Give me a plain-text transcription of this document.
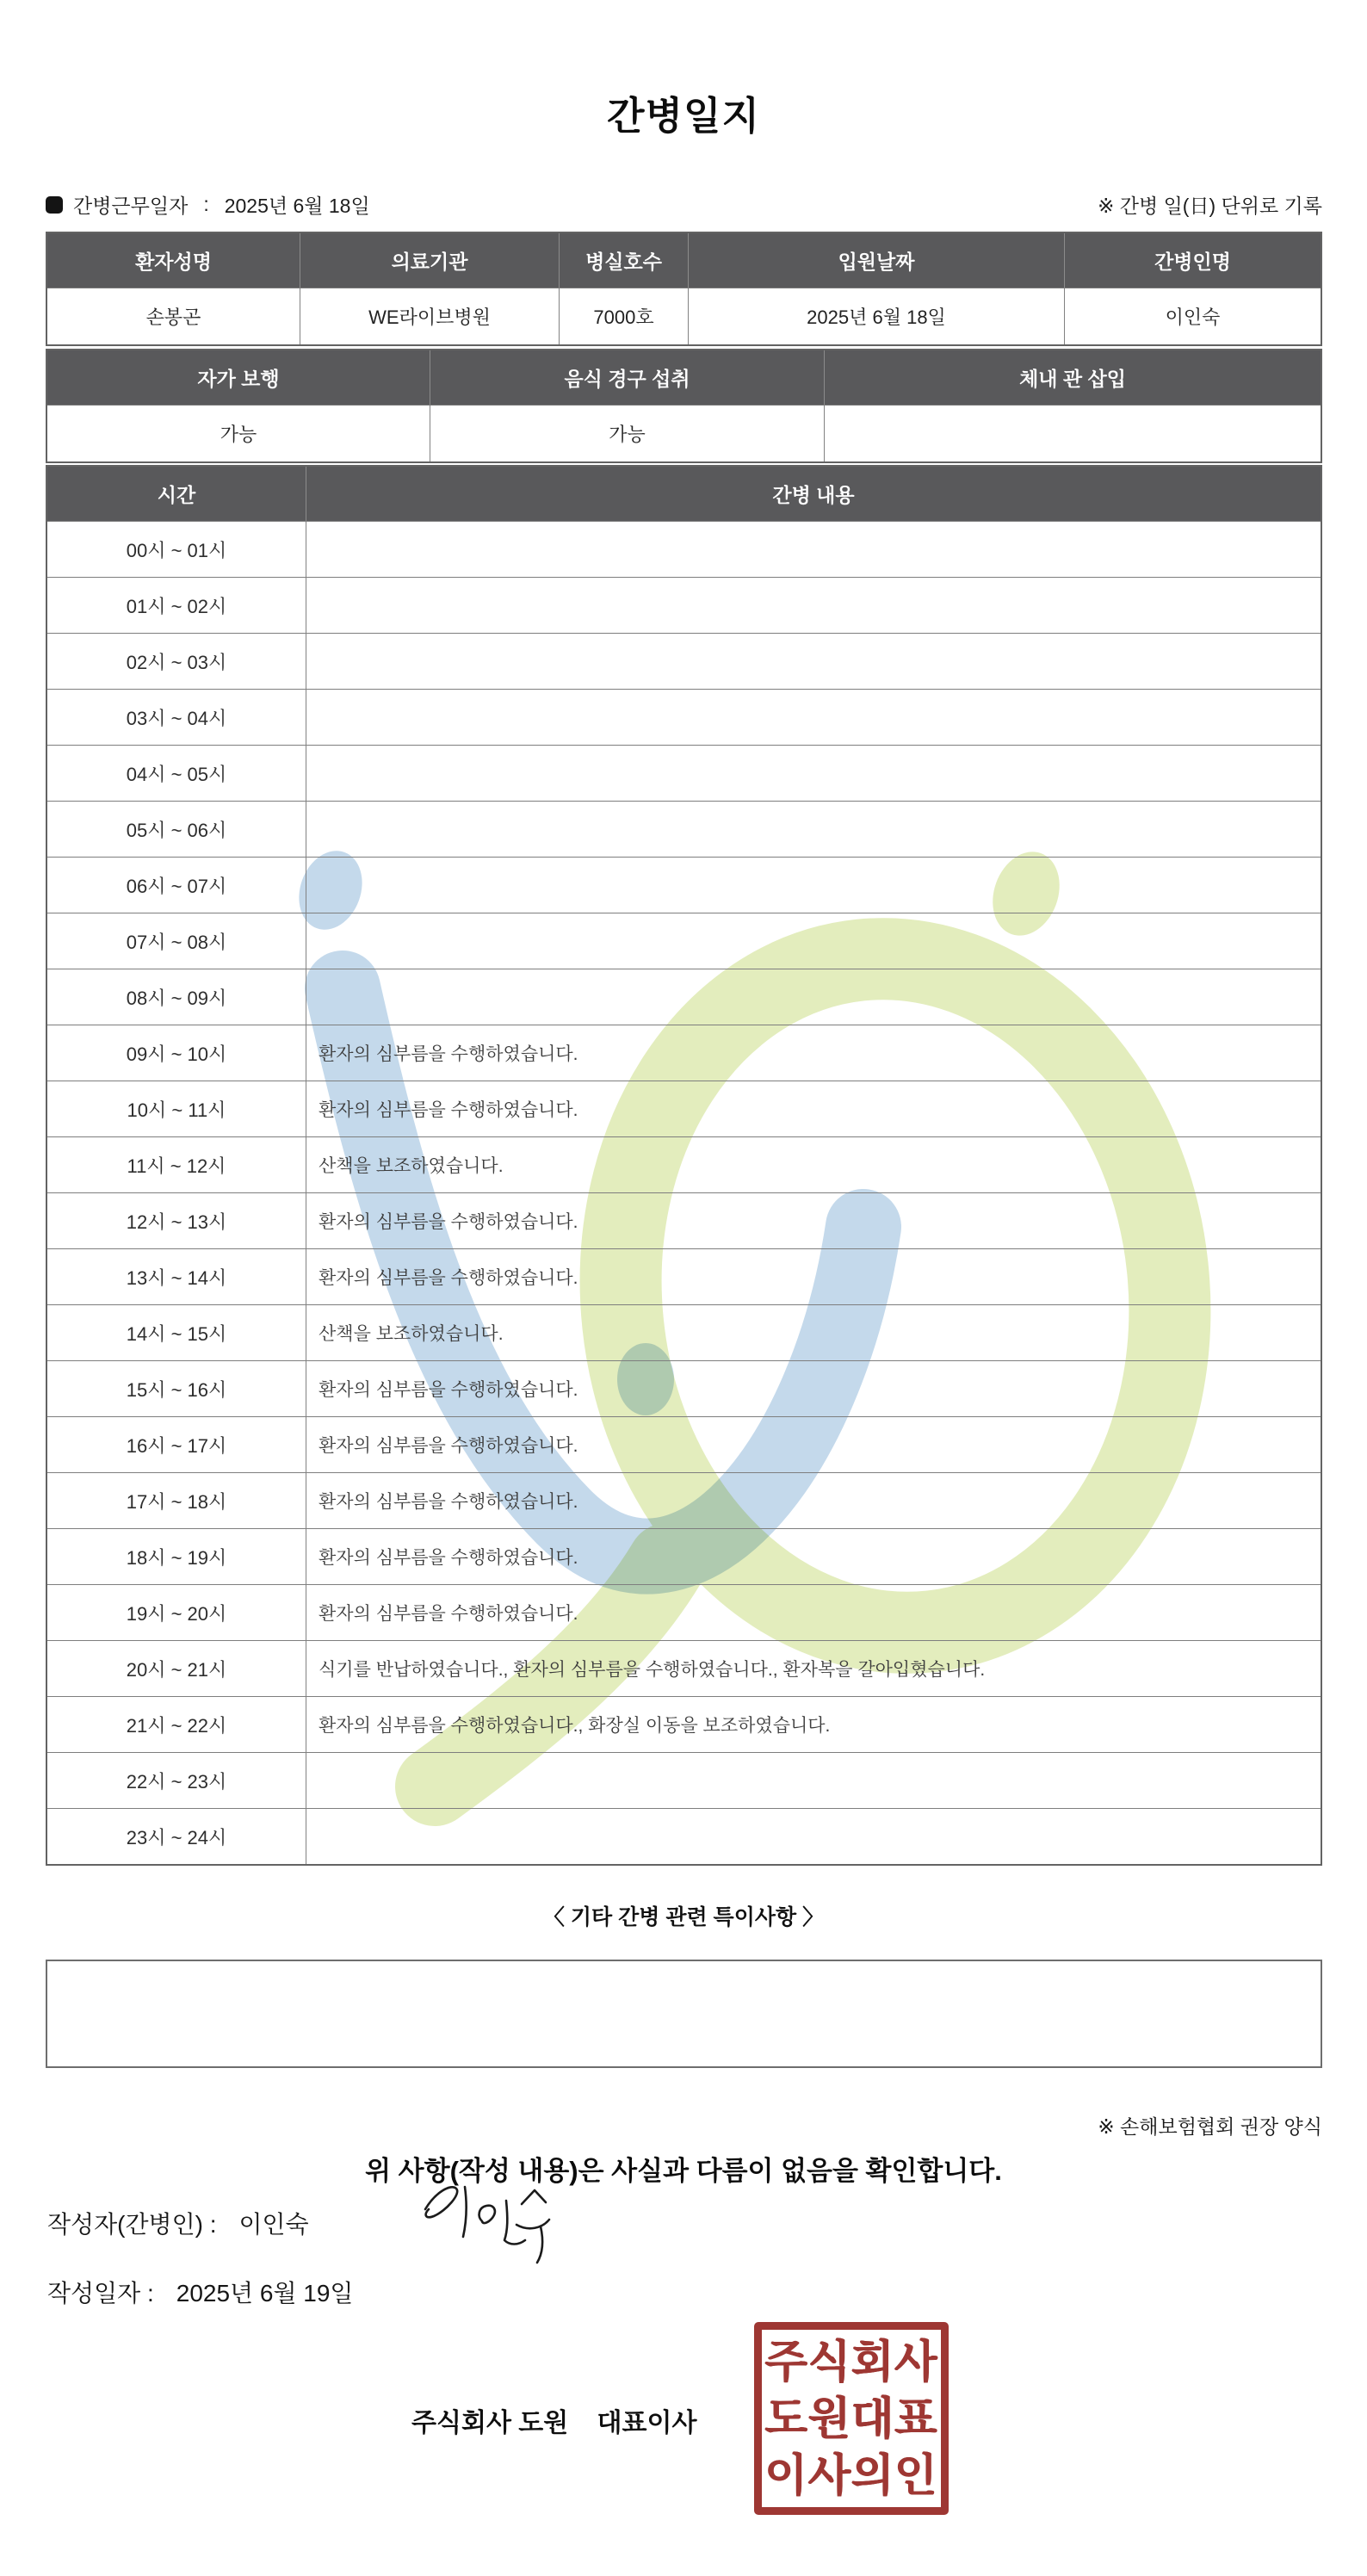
간병일지
간병근무일자 : 2025년 6월 18일	※ 간병 일(日) 단위로 기록
환자성명	의료기관	병실호수	입원날짜	간병인명
손봉곤	WE라이브병원	7000호	2025년 6월 18일	이인숙
자가 보행	음식 경구 섭취	체내 관 삽입
가능	가능
시간	간병 내용
00시 ~ 01시
01시 ~ 02시
02시 ~ 03시
03시 ~ 04시
04시 ~ 05시
05시 ~ 06시
06시 ~ 07시
07시 ~ 08시
08시 ~ 09시
09시 ~ 10시	환자의 심부름을 수행하였습니다.
10시 ~ 11시	환자의 심부름을 수행하였습니다.
11시 ~ 12시	산책을 보조하였습니다.
12시 ~ 13시	환자의 심부름을 수행하였습니다.
13시 ~ 14시	환자의 심부름을 수행하였습니다.
14시 ~ 15시	산책을 보조하였습니다.
15시 ~ 16시	환자의 심부름을 수행하였습니다.
16시 ~ 17시	환자의 심부름을 수행하였습니다.
17시 ~ 18시	환자의 심부름을 수행하였습니다.
18시 ~ 19시	환자의 심부름을 수행하였습니다.
19시 ~ 20시	환자의 심부름을 수행하였습니다.
20시 ~ 21시	식기를 반납하였습니다., 환자의 심부름을 수행하였습니다., 환자복을 갈아입혔습니다.
21시 ~ 22시	환자의 심부름을 수행하였습니다., 화장실 이동을 보조하였습니다.
22시 ~ 23시
23시 ~ 24시
〈 기타 간병 관련 특이사항 〉
※ 손해보험협회 권장 양식
위 사항(작성 내용)은 사실과 다름이 없음을 확인합니다.
작성자(간병인) : 이인숙
작성일자 : 2025년 6월 19일
주식회사 도원    대표이사
주식회사
도원대표
이사의인
